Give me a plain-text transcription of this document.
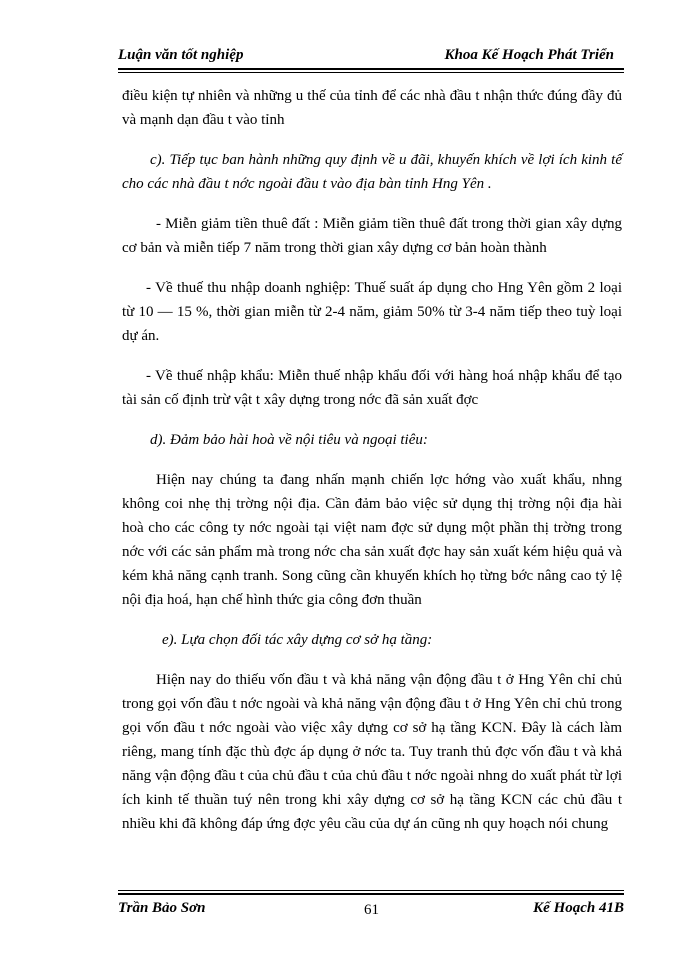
Luận văn tốt nghiệp	Khoa Kế Hoạch Phát Triển

điều kiện tự nhiên và những u thế của tỉnh để các nhà đầu t nhận thức đúng đầy đủ và mạnh dạn đầu t vào tỉnh

c). Tiếp tục ban hành những quy định về u đãi, khuyến khích về lợi ích kinh tế cho các nhà đầu t nớc ngoài đầu t vào địa bàn tỉnh Hng Yên .

- Miễn giảm tiền thuê đất : Miễn giảm tiền thuê đất trong thời gian xây dựng cơ bản và miễn tiếp 7 năm trong thời gian xây dựng cơ bản hoàn thành

- Về thuế thu nhập doanh nghiệp: Thuế suất áp dụng cho Hng Yên gồm 2 loại từ 10 — 15 %, thời gian miễn từ 2-4 năm, giảm 50% từ 3-4 năm tiếp theo tuỳ loại dự án.

- Về thuế nhập khẩu: Miễn thuế nhập khẩu đối với hàng hoá nhập khẩu để tạo tài sản cố định trừ vật t xây dựng trong nớc đã sản xuất đợc

d). Đảm bảo hài hoà về nội tiêu và ngoại tiêu:

Hiện nay chúng ta đang nhấn mạnh chiến lợc hớng vào xuất khẩu, nhng không coi nhẹ thị trờng nội địa. Cần đảm bảo việc sử dụng thị trờng nội địa hài hoà cho các công ty nớc ngoài tại việt nam đợc sử dụng một phần thị trờng trong nớc với các sản phẩm mà trong nớc cha sản xuất đợc hay sản xuất kém hiệu quả và kém khả năng cạnh tranh. Song cũng cần khuyến khích họ từng bớc nâng cao tỷ lệ nội địa hoá, hạn chế hình thức gia công đơn thuần

e). Lựa chọn đối tác xây dựng cơ sở hạ tầng:

Hiện nay do thiếu vốn đầu t và khả năng vận động đầu t ở Hng Yên chỉ chủ trong gọi vốn đầu t nớc ngoài và khả năng vận động đầu t ở Hng Yên chỉ chủ trong gọi vốn đầu t nớc ngoài vào việc xây dựng cơ sở hạ tầng KCN. Đây là cách làm riêng, mang tính đặc thù đợc áp dụng ở nớc ta. Tuy tranh thủ đợc vốn đầu t và khả năng vận động đầu t của chủ đầu t của chủ đầu t nớc ngoài nhng do xuất phát từ lợi ích kinh tế thuần tuý nên trong khi xây dựng cơ sở hạ tầng KCN các chủ đầu t nhiều khi đã không đáp ứng đợc yêu cầu của dự án cũng nh quy hoạch nói chung

Trần Bảo Sơn	61	Kế Hoạch 41B
